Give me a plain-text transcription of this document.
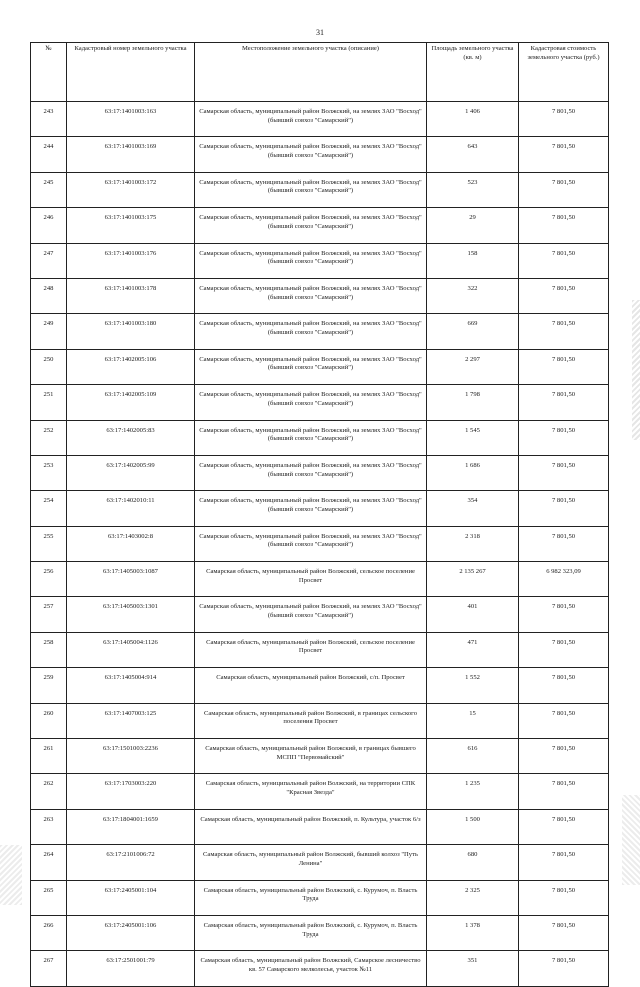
31
№	Кадастровый номер земельного участка	Местоположение земельного участка (описание)	Площадь земельного участка (кв. м)	Кадастровая стоимость земельного участка (руб.)
243	63:17:1401003:163	Самарская область, муниципальный район Волжский, на землях ЗАО "Восход" (бывший совхоз "Самарский")	1 406	7 801,50
244	63:17:1401003:169	Самарская область, муниципальный район Волжский, на землях ЗАО "Восход" (бывший совхоз "Самарский")	643	7 801,50
245	63:17:1401003:172	Самарская область, муниципальный район Волжский, на землях ЗАО "Восход" (бывший совхоз "Самарский")	523	7 801,50
246	63:17:1401003:175	Самарская область, муниципальный район Волжский, на землях ЗАО "Восход" (бывший совхоз "Самарский")	29	7 801,50
247	63:17:1401003:176	Самарская область, муниципальный район Волжский, на землях ЗАО "Восход" (бывший совхоз "Самарский")	158	7 801,50
248	63:17:1401003:178	Самарская область, муниципальный район Волжский, на землях ЗАО "Восход" (бывший совхоз "Самарский")	322	7 801,50
249	63:17:1401003:180	Самарская область, муниципальный район Волжский, на землях ЗАО "Восход" (бывший совхоз "Самарский")	669	7 801,50
250	63:17:1402005:106	Самарская область, муниципальный район Волжский, на землях ЗАО "Восход" (бывший совхоз "Самарский")	2 297	7 801,50
251	63:17:1402005:109	Самарская область, муниципальный район Волжский, на землях ЗАО "Восход" (бывший совхоз "Самарский")	1 798	7 801,50
252	63:17:1402005:83	Самарская область, муниципальный район Волжский, на землях ЗАО "Восход" (бывший совхоз "Самарский")	1 545	7 801,50
253	63:17:1402005:99	Самарская область, муниципальный район Волжский, на землях ЗАО "Восход" (бывший совхоз "Самарский")	1 686	7 801,50
254	63:17:1402010:11	Самарская область, муниципальный район Волжский, на землях ЗАО "Восход" (бывший совхоз "Самарский")	354	7 801,50
255	63:17:1403002:8	Самарская область, муниципальный район Волжский, на землях ЗАО "Восход" (бывший совхоз "Самарский")	2 318	7 801,50
256	63:17:1405003:1087	Самарская область, муниципальный район Волжский, сельское поселение Просвет	2 135 267	6 982 323,09
257	63:17:1405003:1301	Самарская область, муниципальный район Волжский, на землях ЗАО "Восход" (бывший совхоз "Самарский")	401	7 801,50
258	63:17:1405004:1126	Самарская область, муниципальный район Волжский, сельское поселение Просвет	471	7 801,50
259	63:17:1405004:914	Самарская область, муниципальный район Волжский, с/п. Просвет	1 552	7 801,50
260	63:17:1407003:125	Самарская область, муниципальный район Волжский, в границах сельского поселения Просвет	15	7 801,50
261	63:17:1501003:2236	Самарская область, муниципальный район Волжский, в границах бывшего МСПП "Первомайский"	616	7 801,50
262	63:17:1703003:220	Самарская область, муниципальный район Волжский, на территории СПК "Красная Звезда"	1 235	7 801,50
263	63:17:1804001:1659	Самарская область, муниципальный район Волжский, п. Культура, участок 6/з	1 500	7 801,50
264	63:17:2101006:72	Самарская область, муниципальный район Волжский, бывший колхоз "Путь Ленина"	680	7 801,50
265	63:17:2405001:104	Самарская область, муниципальный район Волжский, с. Курумоч, п. Власть Труда	2 325	7 801,50
266	63:17:2405001:106	Самарская область, муниципальный район Волжский, с. Курумоч, п. Власть Труда	1 378	7 801,50
267	63:17:2501001:79	Самарская область, муниципальный район Волжский, Самарское лесничество кв. 57 Самарского мелколесья, участок №11	351	7 801,50
